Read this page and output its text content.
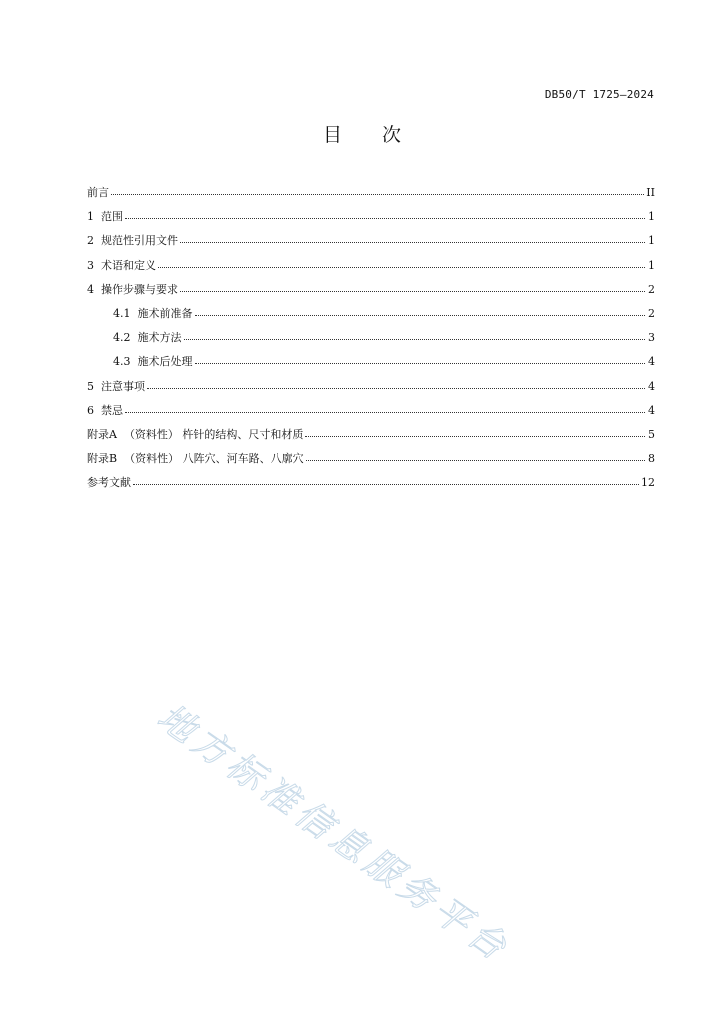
DB50/T 1725—2024
目 次
前言	II
1 范围	1
2 规范性引用文件	1
3 术语和定义	1
4 操作步骤与要求	2
4.1 施术前准备	2
4.2 施术方法	3
4.3 施术后处理	4
5 注意事项	4
6 禁忌	4
附录A （资料性） 杵针的结构、尺寸和材质	5
附录B （资料性） 八阵穴、河车路、八廓穴	8
参考文献	12
地方标准信息服务平台
